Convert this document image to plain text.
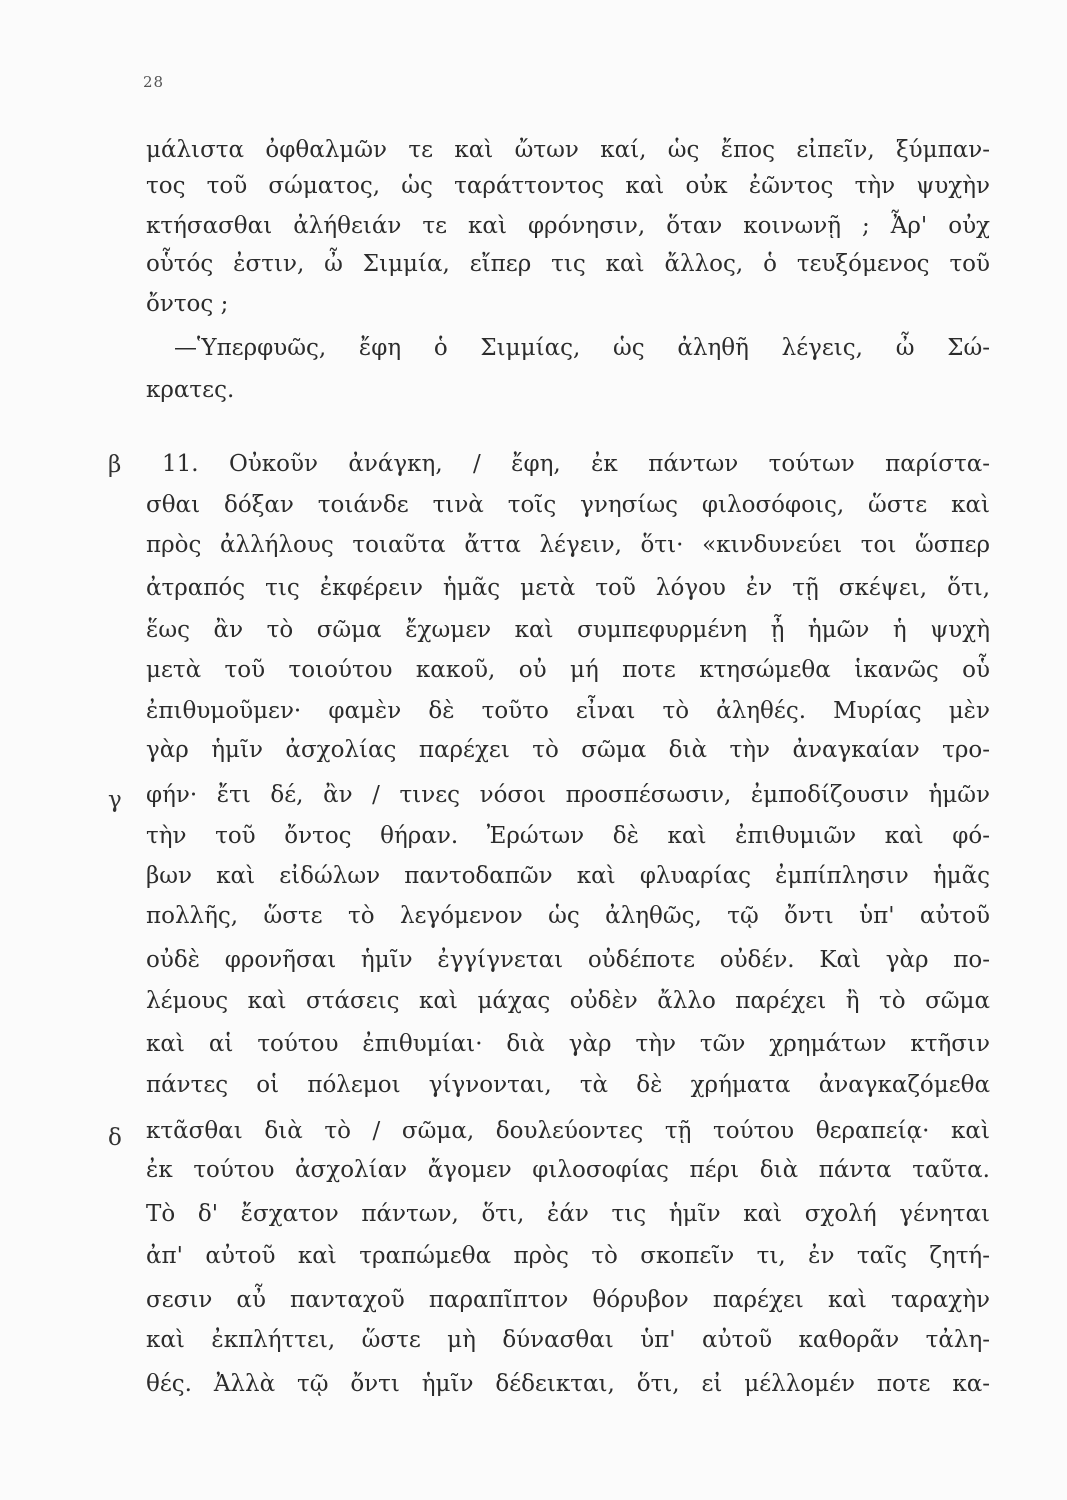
28
β
γ
δ
μάλιστα ὀφθαλμῶν τε καὶ ὤτων καί, ὡς ἔπος εἰπεῖν, ξύμπαν-
τος τοῦ σώματος, ὡς ταράττοντος καὶ οὐκ ἐῶντος τὴν ψυχὴν
κτήσασθαι ἀλήθειάν τε καὶ φρόνησιν, ὅταν κοινωνῇ ; Ἆρ' οὐχ
οὗτός ἐστιν, ὦ Σιμμία, εἴπερ τις καὶ ἄλλος, ὁ τευξόμενος τοῦ
ὄντος ;
—Ὑπερφυῶς, ἔφη ὁ Σιμμίας, ὡς ἀληθῆ λέγεις, ὦ Σώ-
κρατες.
11. Οὐκοῦν ἀνάγκη, / ἔφη, ἐκ πάντων τούτων παρίστα-
σθαι δόξαν τοιάνδε τινὰ τοῖς γνησίως φιλοσόφοις, ὥστε καὶ
πρὸς ἀλλήλους τοιαῦτα ἄττα λέγειν, ὅτι· «κινδυνεύει τοι ὥσπερ
ἀτραπός τις ἐκφέρειν ἡμᾶς μετὰ τοῦ λόγου ἐν τῇ σκέψει, ὅτι,
ἕως ἂν τὸ σῶμα ἔχωμεν καὶ συμπεφυρμένη ᾖ ἡμῶν ἡ ψυχὴ
μετὰ τοῦ τοιούτου κακοῦ, οὐ μή ποτε κτησώμεθα ἱκανῶς οὗ
ἐπιθυμοῦμεν· φαμὲν δὲ τοῦτο εἶναι τὸ ἀληθές. Μυρίας μὲν
γὰρ ἡμῖν ἀσχολίας παρέχει τὸ σῶμα διὰ τὴν ἀναγκαίαν τρο-
φήν· ἔτι δέ, ἂν / τινες νόσοι προσπέσωσιν, ἐμποδίζουσιν ἡμῶν
τὴν τοῦ ὄντος θήραν. Ἐρώτων δὲ καὶ ἐπιθυμιῶν καὶ φό-
βων καὶ εἰδώλων παντοδαπῶν καὶ φλυαρίας ἐμπίπλησιν ἡμᾶς
πολλῆς, ὥστε τὸ λεγόμενον ὡς ἀληθῶς, τῷ ὄντι ὑπ' αὐτοῦ
οὐδὲ φρονῆσαι ἡμῖν ἐγγίγνεται οὐδέποτε οὐδέν. Καὶ γὰρ πο-
λέμους καὶ στάσεις καὶ μάχας οὐδὲν ἄλλο παρέχει ἢ τὸ σῶμα
καὶ αἱ τούτου ἐπιθυμίαι· διὰ γὰρ τὴν τῶν χρημάτων κτῆσιν
πάντες οἱ πόλεμοι γίγνονται, τὰ δὲ χρήματα ἀναγκαζόμεθα
κτᾶσθαι διὰ τὸ / σῶμα, δουλεύοντες τῇ τούτου θεραπείᾳ· καὶ
ἐκ τούτου ἀσχολίαν ἄγομεν φιλοσοφίας πέρι διὰ πάντα ταῦτα.
Τὸ δ' ἔσχατον πάντων, ὅτι, ἐάν τις ἡμῖν καὶ σχολή γένηται
ἀπ' αὐτοῦ καὶ τραπώμεθα πρὸς τὸ σκοπεῖν τι, ἐν ταῖς ζητή-
σεσιν αὖ πανταχοῦ παραπῖπτον θόρυβον παρέχει καὶ ταραχὴν
καὶ ἐκπλήττει, ὥστε μὴ δύνασθαι ὑπ' αὐτοῦ καθορᾶν τἀλη-
θές. Ἀλλὰ τῷ ὄντι ἡμῖν δέδεικται, ὅτι, εἰ μέλλομέν ποτε κα-
